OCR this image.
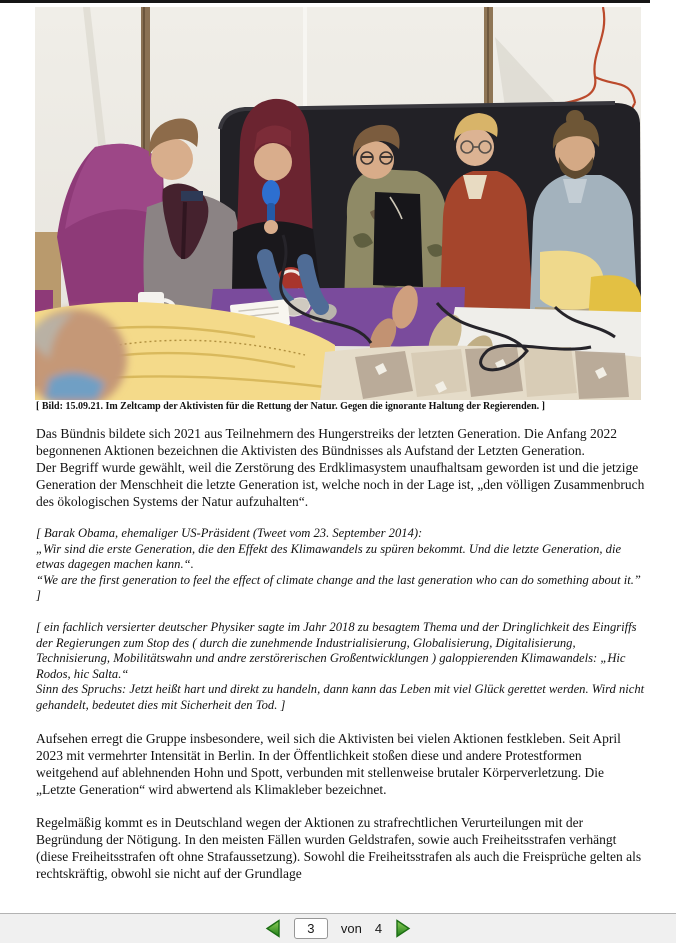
[ Bild: 15.09.21. Im Zeltcamp der Aktivisten für die Rettung der Natur. Gegen die ignorante Haltung der Regierenden. ]
Das Bündnis bildete sich 2021 aus Teilnehmern des Hungerstreiks der letzten Generation. Die Anfang 2022 begonnenen Aktionen bezeichnen die Aktivisten des Bündnisses als Aufstand der Letzten Generation.
Der Begriff wurde gewählt, weil die Zerstörung des Erdklimasystem unaufhaltsam geworden ist und die jetzige Generation der Menschheit die letzte Generation ist, welche noch in der Lage ist, „den völligen Zusammenbruch des ökologischen Systems der Natur aufzuhalten“.
[ Barak Obama, ehemaliger US-Präsident (Tweet vom 23. September 2014):
„Wir sind die erste Generation, die den Effekt des Klimawandels zu spüren bekommt. Und die letzte Generation, die etwas dagegen machen kann.“.
“We are the first generation to feel the effect of climate change and the last generation who can do something about it.” ]
[ ein fachlich versierter deutscher Physiker sagte im Jahr 2018 zu besagtem Thema und der Dringlichkeit des Eingriffs der Regierungen zum Stop des ( durch die zunehmende Industrialisierung, Globalisierung, Digitalisierung, Technisierung, Mobilitätswahn und andre zerstörerischen Großentwicklungen ) galoppierenden Klimawandels: „Hic Rodos, hic Salta.“
Sinn des Spruchs: Jetzt heißt hart und direkt zu handeln, dann kann das Leben mit viel Glück gerettet werden. Wird nicht gehandelt, bedeutet dies mit Sicherheit den Tod. ]
Aufsehen erregt die Gruppe insbesondere, weil sich die Aktivisten bei vielen Aktionen festkleben. Seit April 2023 mit vermehrter Intensität in Berlin. In der Öffentlichkeit stoßen diese und andere Protestformen weitgehend auf ablehnenden Hohn und Spott, verbunden mit stellenweise brutaler Körperverletzung. Die „Letzte Generation“ wird abwertend als Klimakleber bezeichnet.
Regelmäßig kommt es in Deutschland wegen der Aktionen zu strafrechtlichen Verurteilungen mit der Begründung der Nötigung. In den meisten Fällen wurden Geldstrafen, sowie auch Freiheitsstrafen verhängt (diese Freiheitsstrafen oft ohne Strafaussetzung). Sowohl die Freiheitsstrafen als auch die Freisprüche gelten als rechtskräftig, obwohl sie nicht auf der Grundlage
3
von 4
